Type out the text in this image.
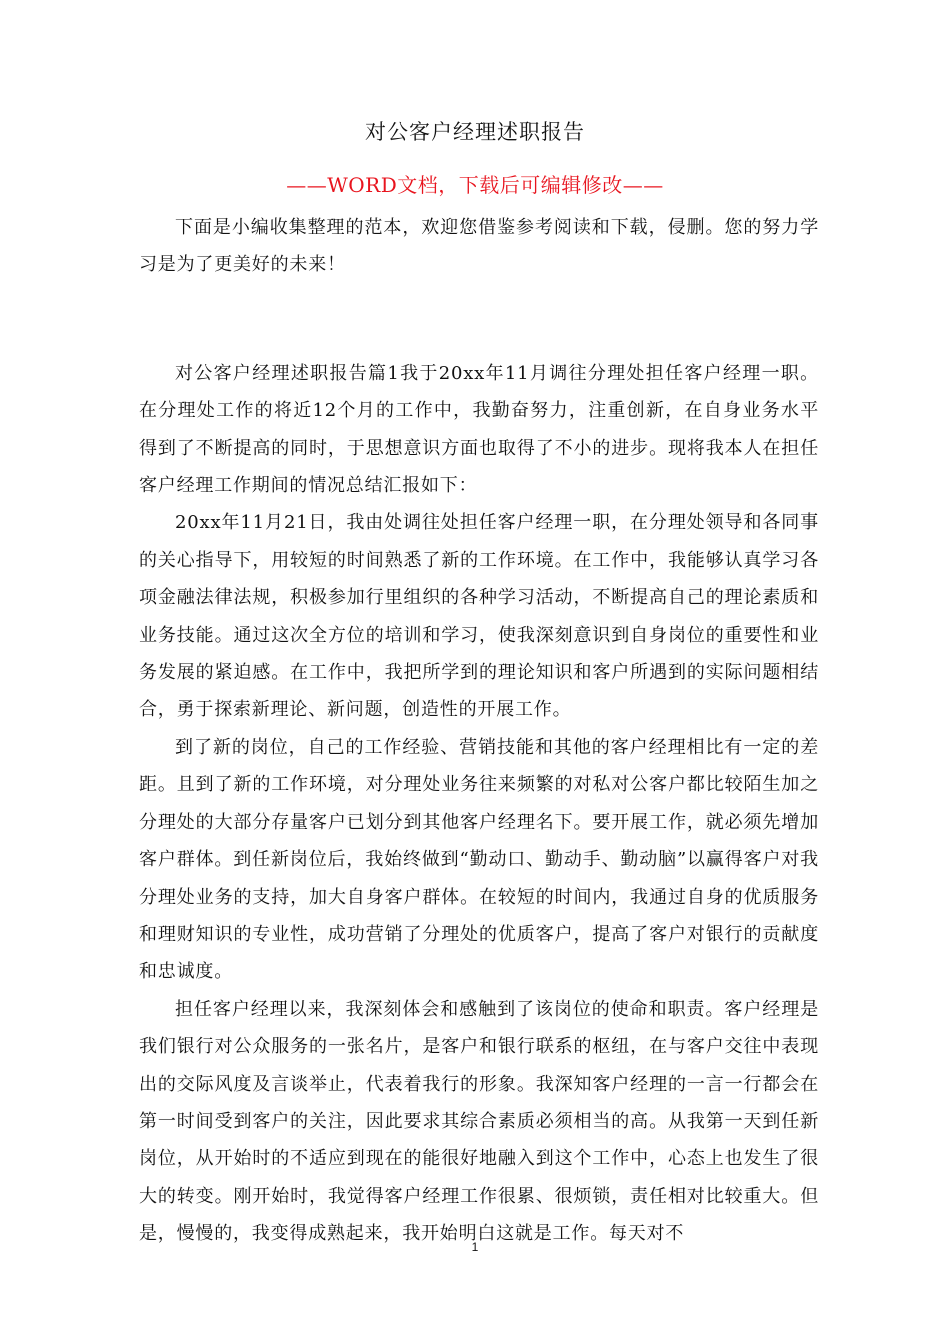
对公客户经理述职报告
——WORD文档，下载后可编辑修改——

下面是小编收集整理的范本，欢迎您借鉴参考阅读和下载，侵删。您的努力学习是为了更美好的未来！

对公客户经理述职报告篇1我于20xx年11月调往分理处担任客户经理一职。在分理处工作的将近12个月的工作中，我勤奋努力，注重创新，在自身业务水平得到了不断提高的同时，于思想意识方面也取得了不小的进步。现将我本人在担任客户经理工作期间的情况总结汇报如下：

20xx年11月21日，我由处调往处担任客户经理一职，在分理处领导和各同事的关心指导下，用较短的时间熟悉了新的工作环境。在工作中，我能够认真学习各项金融法律法规，积极参加行里组织的各种学习活动，不断提高自己的理论素质和业务技能。通过这次全方位的培训和学习，使我深刻意识到自身岗位的重要性和业务发展的紧迫感。在工作中，我把所学到的理论知识和客户所遇到的实际问题相结合，勇于探索新理论、新问题，创造性的开展工作。

到了新的岗位，自己的工作经验、营销技能和其他的客户经理相比有一定的差距。且到了新的工作环境，对分理处业务往来频繁的对私对公客户都比较陌生加之分理处的大部分存量客户已划分到其他客户经理名下。要开展工作，就必须先增加客户群体。到任新岗位后，我始终做到“勤动口、勤动手、勤动脑”以赢得客户对我分理处业务的支持，加大自身客户群体。在较短的时间内，我通过自身的优质服务和理财知识的专业性，成功营销了分理处的优质客户，提高了客户对银行的贡献度和忠诚度。

担任客户经理以来，我深刻体会和感触到了该岗位的使命和职责。客户经理是我们银行对公众服务的一张名片，是客户和银行联系的枢纽，在与客户交往中表现出的交际风度及言谈举止，代表着我行的形象。我深知客户经理的一言一行都会在第一时间受到客户的关注，因此要求其综合素质必须相当的高。从我第一天到任新岗位，从开始时的不适应到现在的能很好地融入到这个工作中，心态上也发生了很大的转变。刚开始时，我觉得客户经理工作很累、很烦锁，责任相对比较重大。但是，慢慢的，我变得成熟起来，我开始明白这就是工作。每天对不

1
